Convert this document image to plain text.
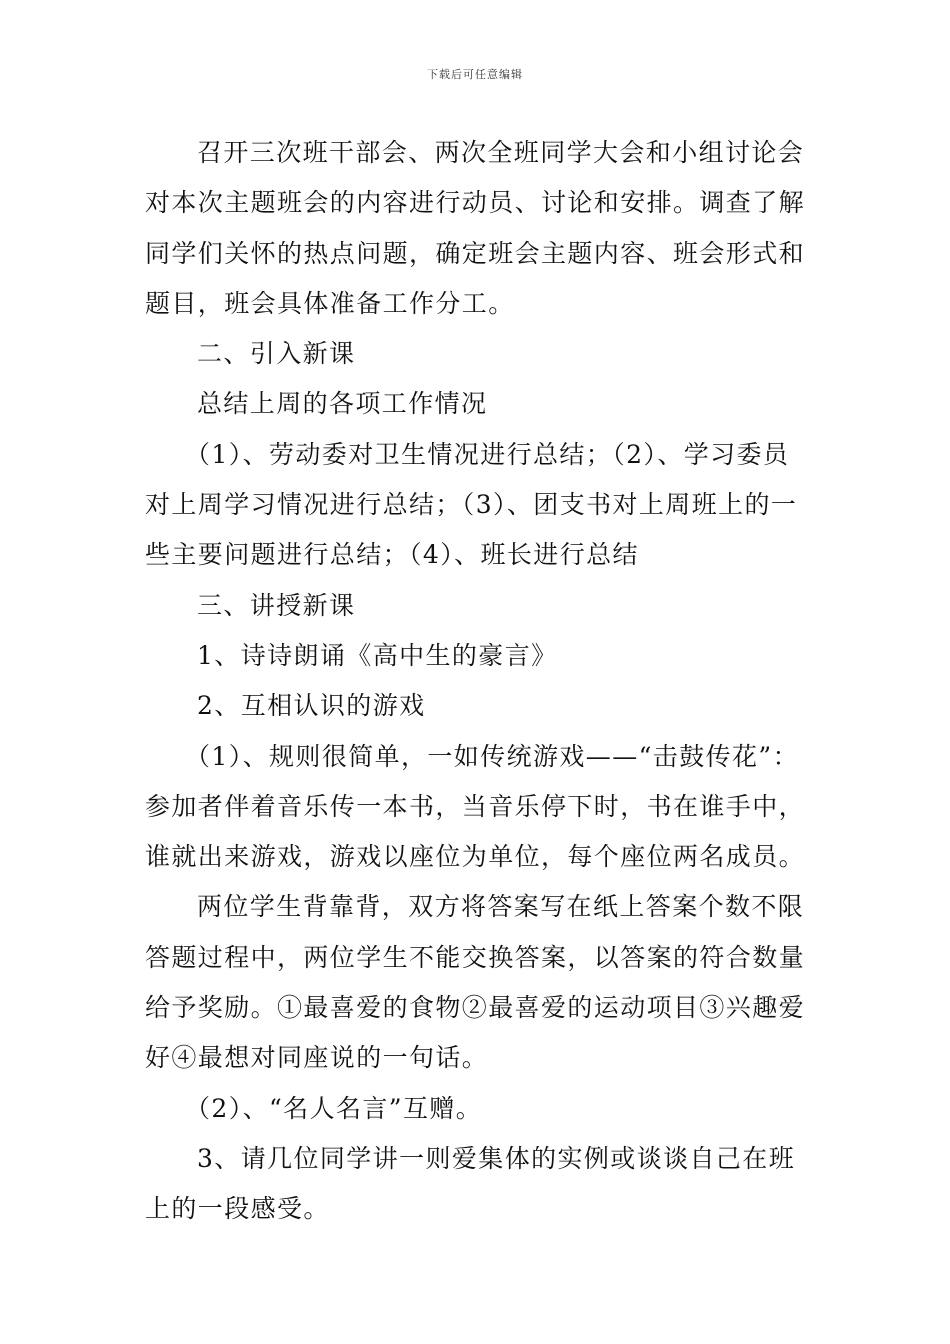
下载后可任意编辑

召开三次班干部会、两次全班同学大会和小组讨论会对本次主题班会的内容进行动员、讨论和安排。调查了解同学们关怀的热点问题，确定班会主题内容、班会形式和题目，班会具体准备工作分工。

二、引入新课

总结上周的各项工作情况

（1）、劳动委对卫生情况进行总结；（2）、学习委员对上周学习情况进行总结；（3）、团支书对上周班上的一些主要问题进行总结；（4）、班长进行总结

三、讲授新课

1、诗诗朗诵《高中生的豪言》

2、互相认识的游戏

（1）、规则很简单，一如传统游戏——“击鼓传花”：

参加者伴着音乐传一本书，当音乐停下时，书在谁手中，谁就出来游戏，游戏以座位为单位，每个座位两名成员。

两位学生背靠背，双方将答案写在纸上答案个数不限答题过程中，两位学生不能交换答案，以答案的符合数量给予奖励。①最喜爱的食物②最喜爱的运动项目③兴趣爱好④最想对同座说的一句话。

（2）、“名人名言”互赠。

3、请几位同学讲一则爱集体的实例或谈谈自己在班上的一段感受。
